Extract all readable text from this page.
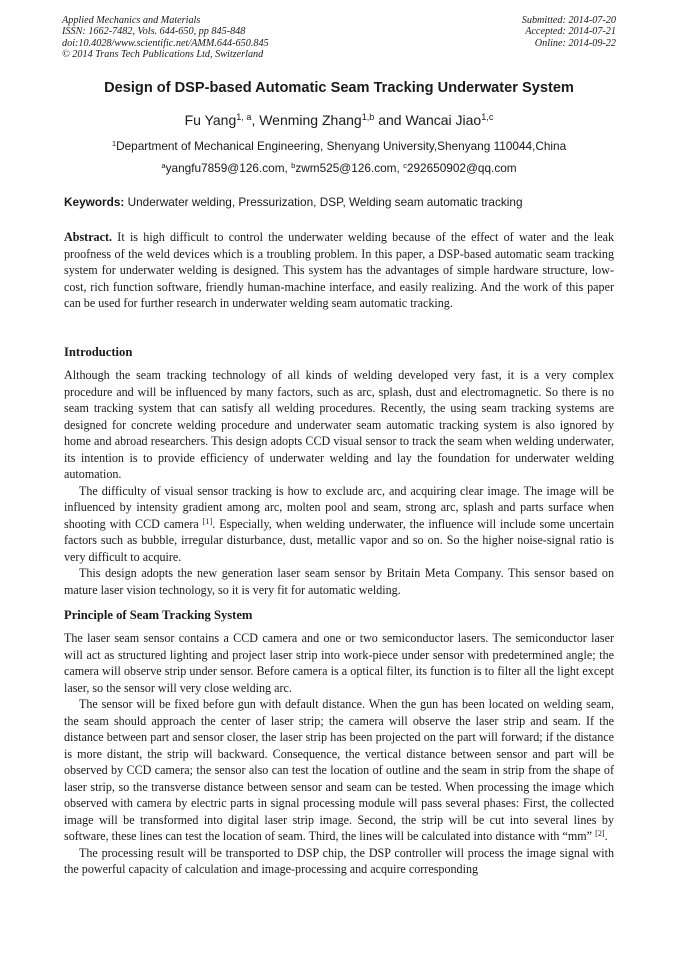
Applied Mechanics and Materials
ISSN: 1662-7482, Vols. 644-650, pp 845-848
doi:10.4028/www.scientific.net/AMM.644-650.845
© 2014 Trans Tech Publications Ltd, Switzerland
Submitted: 2014-07-20
Accepted: 2014-07-21
Online: 2014-09-22
Design of DSP-based Automatic Seam Tracking Underwater System
Fu Yang$^{1, a}$, Wenming Zhang$^{1,b}$ and Wancai Jiao$^{1,c}$
$^1$Department of Mechanical Engineering, Shenyang University,Shenyang 110044,China
$^a$yangfu7859@126.com, $^b$zwm525@126.com, $^c$292650902@qq.com
Keywords: Underwater welding, Pressurization, DSP, Welding seam automatic tracking

Abstract. It is high difficult to control the underwater welding because of the effect of water and the leak proofness of the weld devices which is a troubling problem. In this paper, a DSP-based automatic seam tracking system for underwater welding is designed. This system has the advantages of simple hardware structure, low-cost, rich function software, friendly human-machine interface, and easily realizing. And the work of this paper can be used for further research in underwater welding seam automatic tracking.

Introduction

Although the seam tracking technology of all kinds of welding developed very fast, it is a very complex procedure and will be influenced by many factors, such as arc, splash, dust and electromagnetic. So there is no seam tracking system that can satisfy all welding procedures. Recently, the using seam tracking systems are designed for concrete welding procedure and underwater seam automatic tracking system is also ignored by home and abroad researchers. This design adopts CCD visual sensor to track the seam when welding underwater, its intention is to provide efficiency of underwater welding and lay the foundation for underwater welding automation.

The difficulty of visual sensor tracking is how to exclude arc, and acquiring clear image. The image will be influenced by intensity gradient among arc, molten pool and seam, strong arc, splash and parts surface when shooting with CCD camera [1]. Especially, when welding underwater, the influence will include some uncertain factors such as bubble, irregular disturbance, dust, metallic vapor and so on. So the higher noise-signal ratio is very difficult to acquire.

This design adopts the new generation laser seam sensor by Britain Meta Company. This sensor based on mature laser vision technology, so it is very fit for automatic welding.

Principle of Seam Tracking System

The laser seam sensor contains a CCD camera and one or two semiconductor lasers. The semiconductor laser will act as structured lighting and project laser strip into work-piece under sensor with predetermined angle; the camera will observe strip under sensor. Before camera is a optical filter, its function is to filter all the light except laser, so the sensor will very close welding arc.

The sensor will be fixed before gun with default distance. When the gun has been located on welding seam, the seam should approach the center of laser strip; the camera will observe the laser strip and seam. If the distance between part and sensor closer, the laser strip has been projected on the part will forward; if the distance is more distant, the strip will backward. Consequence, the vertical distance between sensor and part will be observed by CCD camera; the sensor also can test the location of outline and the seam in strip from the shape of laser strip, so the transverse distance between sensor and seam can be tested. When processing the image which observed with camera by electric parts in signal processing module will pass several phases: First, the collected image will be transformed into digital laser strip image. Second, the strip will be cut into several lines by software, these lines can test the location of seam. Third, the lines will be calculated into distance with “mm” [2].

The processing result will be transported to DSP chip, the DSP controller will process the image signal with the powerful capacity of calculation and image-processing and acquire corresponding
